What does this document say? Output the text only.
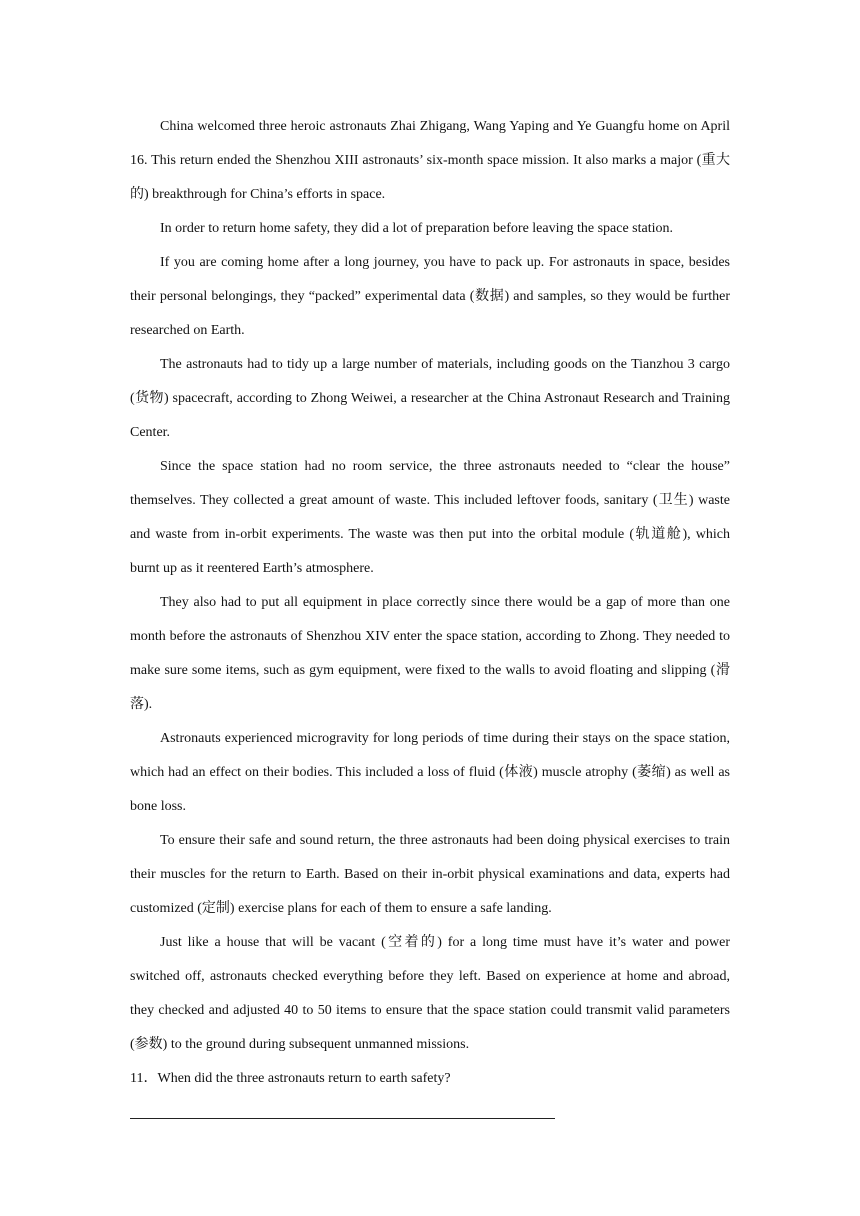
China welcomed three heroic astronauts Zhai Zhigang, Wang Yaping and Ye Guangfu home on April 16. This return ended the Shenzhou XIII astronauts’ six-month space mission. It also marks a major (重大的) breakthrough for China’s efforts in space.

In order to return home safety, they did a lot of preparation before leaving the space station.

If you are coming home after a long journey, you have to pack up. For astronauts in space, besides their personal belongings, they “packed” experimental data (数据) and samples, so they would be further researched on Earth.

The astronauts had to tidy up a large number of materials, including goods on the Tianzhou 3 cargo (货物) spacecraft, according to Zhong Weiwei, a researcher at the China Astronaut Research and Training Center.

Since the space station had no room service, the three astronauts needed to “clear the house” themselves. They collected a great amount of waste. This included leftover foods, sanitary (卫生) waste and waste from in-orbit experiments. The waste was then put into the orbital module (轨道舱), which burnt up as it reentered Earth’s atmosphere.

They also had to put all equipment in place correctly since there would be a gap of more than one month before the astronauts of Shenzhou XIV enter the space station, according to Zhong. They needed to make sure some items, such as gym equipment, were fixed to the walls to avoid floating and slipping (滑落).

Astronauts experienced microgravity for long periods of time during their stays on the space station, which had an effect on their bodies. This included a loss of fluid (体液) muscle atrophy (萎缩) as well as bone loss.

To ensure their safe and sound return, the three astronauts had been doing physical exercises to train their muscles for the return to Earth. Based on their in-orbit physical examinations and data, experts had customized (定制) exercise plans for each of them to ensure a safe landing.

Just like a house that will be vacant (空着的) for a long time must have it’s water and power switched off, astronauts checked everything before they left. Based on experience at home and abroad, they checked and adjusted 40 to 50 items to ensure that the space station could transmit valid parameters (参数) to the ground during subsequent unmanned missions.

11．When did the three astronauts return to earth safety?
